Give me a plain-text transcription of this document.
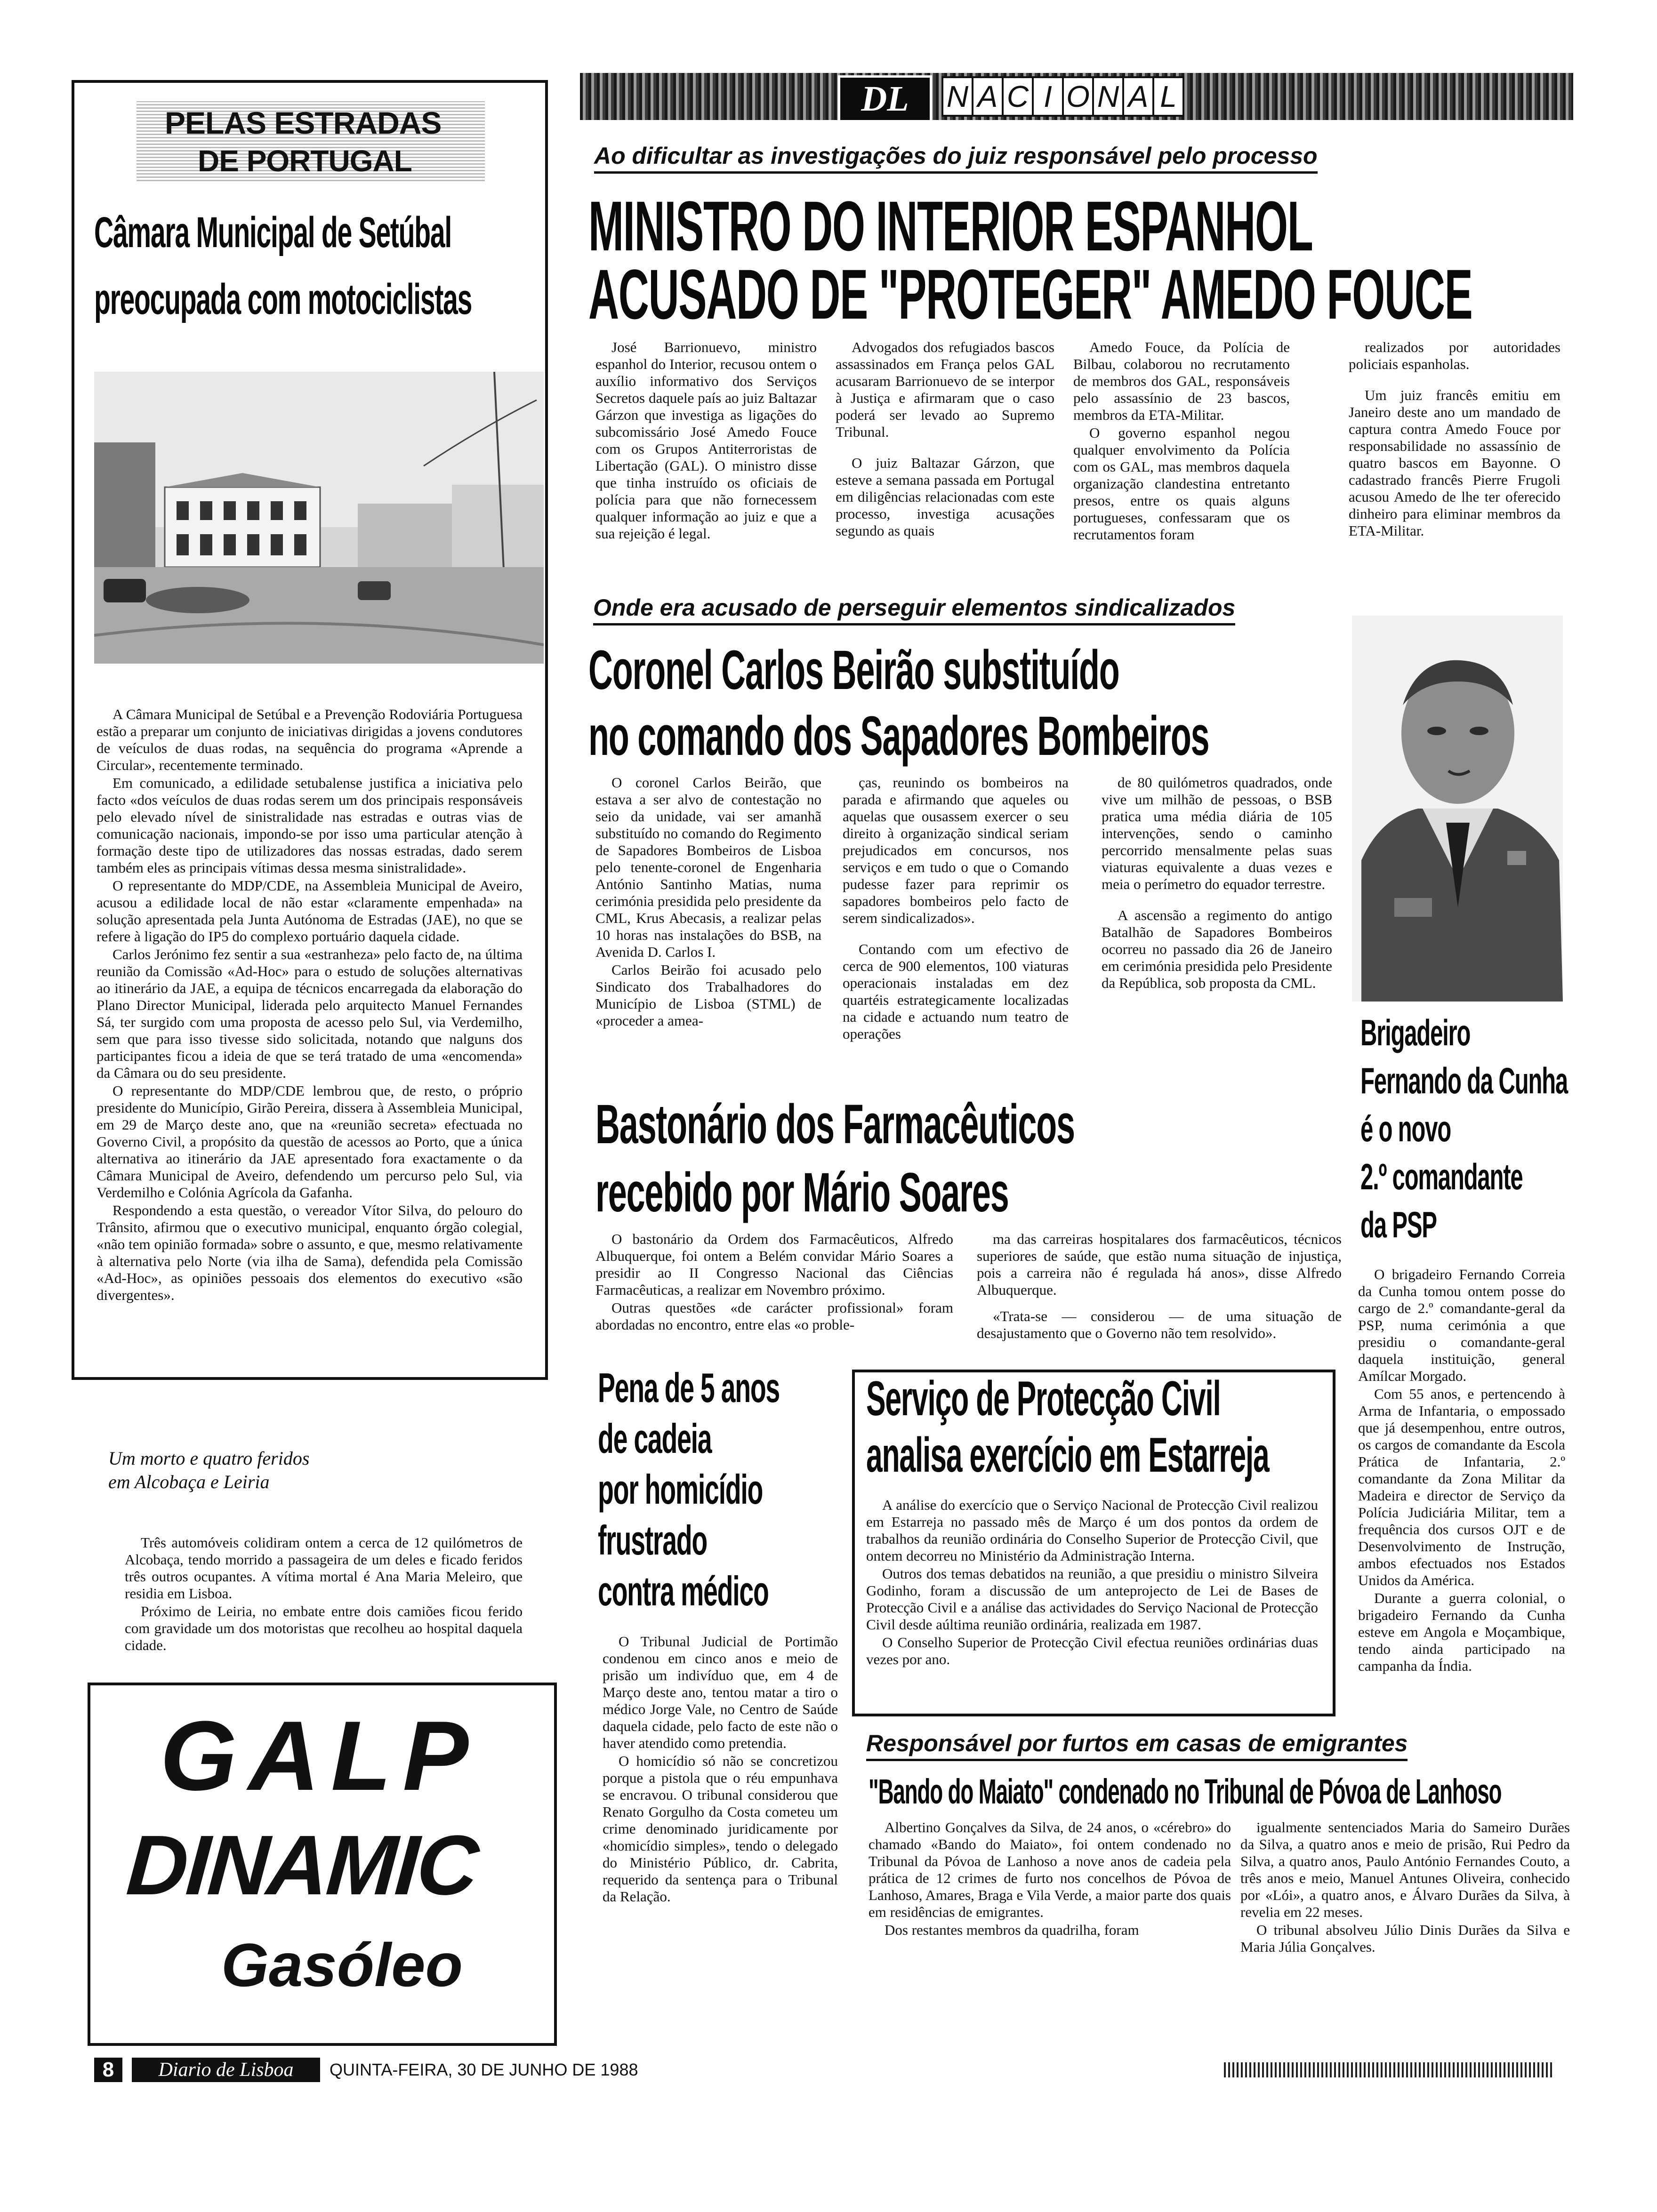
PELAS ESTRADAS
DE PORTUGAL
Câmara Municipal de Setúbal
preocupada com motociclistas

A Câmara Municipal de Setúbal e a Prevenção Rodoviária Portuguesa estão a preparar um conjunto de iniciativas dirigidas a jovens condutores de veículos de duas rodas, na sequência do programa «Aprende a Circular», recentemente terminado.

Em comunicado, a edilidade setubalense justifica a iniciativa pelo facto «dos veículos de duas rodas serem um dos principais responsáveis pelo elevado nível de sinistralidade nas estradas e outras vias de comunicação nacionais, impondo-se por isso uma particular atenção à formação deste tipo de utilizadores das nossas estradas, dado serem também eles as principais vítimas dessa mesma sinistralidade».

O representante do MDP/CDE, na Assembleia Municipal de Aveiro, acusou a edilidade local de não estar «claramente empenhada» na solução apresentada pela Junta Autónoma de Estradas (JAE), no que se refere à ligação do IP5 do complexo portuário daquela cidade.

Carlos Jerónimo fez sentir a sua «estranheza» pelo facto de, na última reunião da Comissão «Ad-Hoc» para o estudo de soluções alternativas ao itinerário da JAE, a equipa de técnicos encarregada da elaboração do Plano Director Municipal, liderada pelo arquitecto Manuel Fernandes Sá, ter surgido com uma proposta de acesso pelo Sul, via Verdemilho, sem que para isso tivesse sido solicitada, notando que nalguns dos participantes ficou a ideia de que se terá tratado de uma «encomenda» da Câmara ou do seu presidente.

O representante do MDP/CDE lembrou que, de resto, o próprio presidente do Município, Girão Pereira, dissera à Assembleia Municipal, em 29 de Março deste ano, que na «reunião secreta» efectuada no Governo Civil, a propósito da questão de acessos ao Porto, que a única alternativa ao itinerário da JAE apresentado fora exactamente o da Câmara Municipal de Aveiro, defendendo um percurso pelo Sul, via Verdemilho e Colónia Agrícola da Gafanha.

Respondendo a esta questão, o vereador Vítor Silva, do pelouro do Trânsito, afirmou que o executivo municipal, enquanto órgão colegial, «não tem opinião formada» sobre o assunto, e que, mesmo relativamente à alternativa pelo Norte (via ilha de Sama), defendida pela Comissão «Ad-Hoc», as opiniões pessoais dos elementos do executivo «são divergentes».

Um morto e quatro feridos
em Alcobaça e Leiria

Três automóveis colidiram ontem a cerca de 12 quilómetros de Alcobaça, tendo morrido a passageira de um deles e ficado feridos três outros ocupantes. A vítima mortal é Ana Maria Meleiro, que residia em Lisboa.

Próximo de Leiria, no embate entre dois camiões ficou ferido com gravidade um dos motoristas que recolheu ao hospital daquela cidade.

GALP
DINAMIC
Gasóleo
DL	N A C I O N A L
Ao dificultar as investigações do juiz responsável pelo processo
MINISTRO DO INTERIOR ESPANHOL
ACUSADO DE "PROTEGER" AMEDO FOUCE

José Barrionuevo, ministro espanhol do Interior, recusou ontem o auxílio informativo dos Serviços Secretos daquele país ao juiz Baltazar Gárzon que investiga as ligações do subcomissário José Amedo Fouce com os Grupos Antiterroristas de Libertação (GAL). O ministro disse que tinha instruído os oficiais de polícia para que não fornecessem qualquer informação ao juiz e que a sua rejeição é legal.

Advogados dos refugiados bascos assassinados em França pelos GAL acusaram Barrionuevo de se interpor à Justiça e afirmaram que o caso poderá ser levado ao Supremo Tribunal.

O juiz Baltazar Gárzon, que esteve a semana passada em Portugal em diligências relacionadas com este processo, investiga acusações segundo as quais

Amedo Fouce, da Polícia de Bilbau, colaborou no recrutamento de membros dos GAL, responsáveis pelo assassínio de 23 bascos, membros da ETA-Militar.

O governo espanhol negou qualquer envolvimento da Polícia com os GAL, mas membros daquela organização clandestina entretanto presos, entre os quais alguns portugueses, confessaram que os recrutamentos foram

realizados por autoridades policiais espanholas.

Um juiz francês emitiu em Janeiro deste ano um mandado de captura contra Amedo Fouce por responsabilidade no assassínio de quatro bascos em Bayonne. O cadastrado francês Pierre Frugoli acusou Amedo de lhe ter oferecido dinheiro para eliminar membros da ETA-Militar.

Onde era acusado de perseguir elementos sindicalizados
Coronel Carlos Beirão substituído
no comando dos Sapadores Bombeiros

O coronel Carlos Beirão, que estava a ser alvo de contestação no seio da unidade, vai ser amanhã substituído no comando do Regimento de Sapadores Bombeiros de Lisboa pelo tenente-coronel de Engenharia António Santinho Matias, numa cerimónia presidida pelo presidente da CML, Krus Abecasis, a realizar pelas 10 horas nas instalações do BSB, na Avenida D. Carlos I.

Carlos Beirão foi acusado pelo Sindicato dos Trabalhadores do Município de Lisboa (STML) de «proceder a amea-

ças, reunindo os bombeiros na parada e afirmando que aqueles ou aquelas que ousassem exercer o seu direito à organização sindical seriam prejudicados em concursos, nos serviços e em tudo o que o Comando pudesse fazer para reprimir os sapadores bombeiros pelo facto de serem sindicalizados».

Contando com um efectivo de cerca de 900 elementos, 100 viaturas operacionais instaladas em dez quartéis estrategicamente localizadas na cidade e actuando num teatro de operações

de 80 quilómetros quadrados, onde vive um milhão de pessoas, o BSB pratica uma média diária de 105 intervenções, sendo o caminho percorrido mensalmente pelas suas viaturas equivalente a duas vezes e meia o perímetro do equador terrestre.

A ascensão a regimento do antigo Batalhão de Sapadores Bombeiros ocorreu no passado dia 26 de Janeiro em cerimónia presidida pelo Presidente da República, sob proposta da CML.

Bastonário dos Farmacêuticos
recebido por Mário Soares

O bastonário da Ordem dos Farmacêuticos, Alfredo Albuquerque, foi ontem a Belém convidar Mário Soares a presidir ao II Congresso Nacional das Ciências Farmacêuticas, a realizar em Novembro próximo.

Outras questões «de carácter profissional» foram abordadas no encontro, entre elas «o proble-

ma das carreiras hospitalares dos farmacêuticos, técnicos superiores de saúde, que estão numa situação de injustiça, pois a carreira não é regulada há anos», disse Alfredo Albuquerque.

«Trata-se — considerou — de uma situação de desajustamento que o Governo não tem resolvido».

Pena de 5 anos
de cadeia
por homicídio
frustrado
contra médico

O Tribunal Judicial de Portimão condenou em cinco anos e meio de prisão um indivíduo que, em 4 de Março deste ano, tentou matar a tiro o médico Jorge Vale, no Centro de Saúde daquela cidade, pelo facto de este não o haver atendido como pretendia.

O homicídio só não se concretizou porque a pistola que o réu empunhava se encravou. O tribunal considerou que Renato Gorgulho da Costa cometeu um crime denominado juridicamente por «homicídio simples», tendo o delegado do Ministério Público, dr. Cabrita, requerido da sentença para o Tribunal da Relação.

Serviço de Protecção Civil
analisa exercício em Estarreja

A análise do exercício que o Serviço Nacional de Protecção Civil realizou em Estarreja no passado mês de Março é um dos pontos da ordem de trabalhos da reunião ordinária do Conselho Superior de Protecção Civil, que ontem decorreu no Ministério da Administração Interna.

Outros dos temas debatidos na reunião, a que presidiu o ministro Silveira Godinho, foram a discussão de um anteprojecto de Lei de Bases de Protecção Civil e a análise das actividades do Serviço Nacional de Protecção Civil desde aúltima reunião ordinária, realizada em 1987.

O Conselho Superior de Protecção Civil efectua reuniões ordinárias duas vezes por ano.

Responsável por furtos em casas de emigrantes
"Bando do Maiato" condenado no Tribunal de Póvoa de Lanhoso

Albertino Gonçalves da Silva, de 24 anos, o «cérebro» do chamado «Bando do Maiato», foi ontem condenado no Tribunal da Póvoa de Lanhoso a nove anos de cadeia pela prática de 12 crimes de furto nos concelhos de Póvoa de Lanhoso, Amares, Braga e Vila Verde, a maior parte dos quais em residências de emigrantes.

Dos restantes membros da quadrilha, foram

igualmente sentenciados Maria do Sameiro Durães da Silva, a quatro anos e meio de prisão, Rui Pedro da Silva, a quatro anos, Paulo António Fernandes Couto, a três anos e meio, Manuel Antunes Oliveira, conhecido por «Lói», a quatro anos, e Álvaro Durães da Silva, à revelia em 22 meses.

O tribunal absolveu Júlio Dinis Durães da Silva e Maria Júlia Gonçalves.

Brigadeiro
Fernando da Cunha
é o novo
2.º comandante
da PSP

O brigadeiro Fernando Correia da Cunha tomou ontem posse do cargo de 2.º comandante-geral da PSP, numa cerimónia a que presidiu o comandante-geral daquela instituição, general Amílcar Morgado.

Com 55 anos, e pertencendo à Arma de Infantaria, o empossado que já desempenhou, entre outros, os cargos de comandante da Escola Prática de Infantaria, 2.º comandante da Zona Militar da Madeira e director de Serviço da Polícia Judiciária Militar, tem a frequência dos cursos OJT e de Desenvolvimento de Instrução, ambos efectuados nos Estados Unidos da América.

Durante a guerra colonial, o brigadeiro Fernando da Cunha esteve em Angola e Moçambique, tendo ainda participado na campanha da Índia.

8	Diario de Lisboa	QUINTA-FEIRA, 30 DE JUNHO DE 1988
